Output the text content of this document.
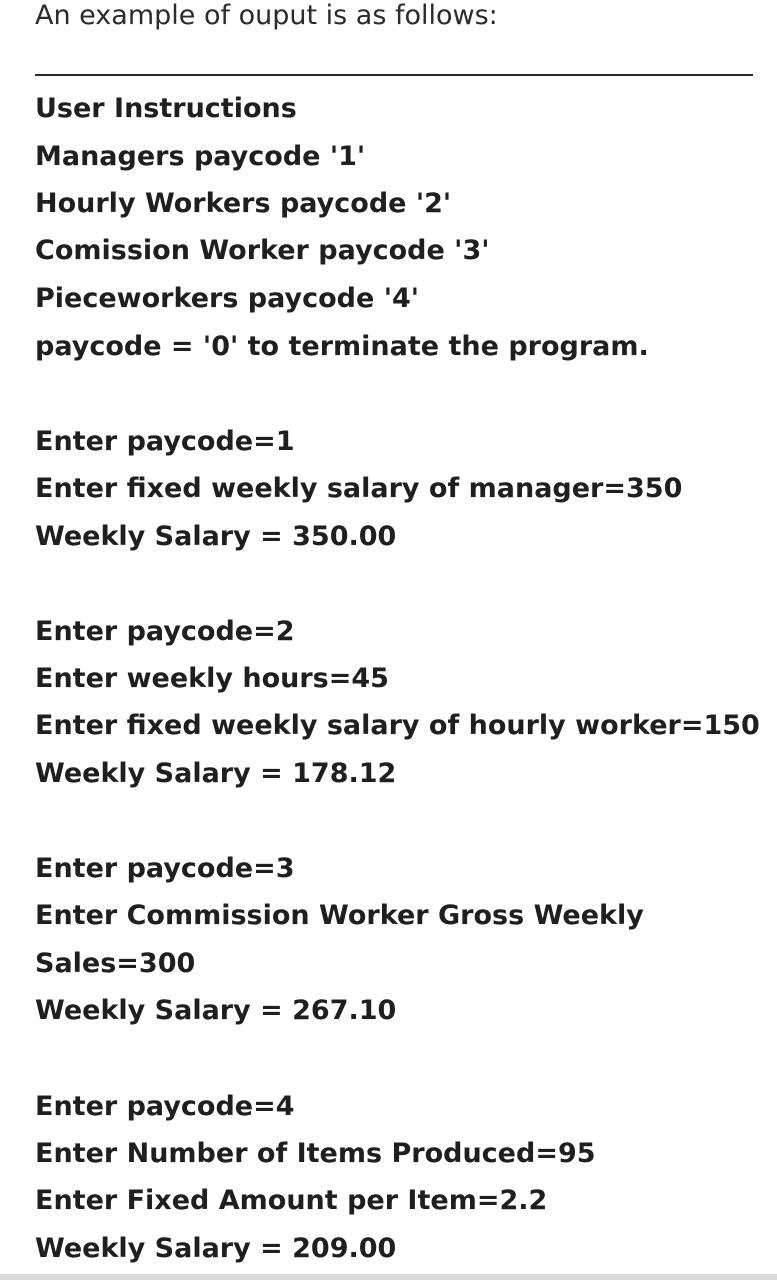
An example of ouput is as follows:
User Instructions
Managers paycode '1'
Hourly Workers paycode '2'
Comission Worker paycode '3'
Pieceworkers paycode '4'
paycode = '0' to terminate the program.
Enter paycode=1
Enter fixed weekly salary of manager=350
Weekly Salary = 350.00
Enter paycode=2
Enter weekly hours=45
Enter fixed weekly salary of hourly worker=150
Weekly Salary = 178.12
Enter paycode=3
Enter Commission Worker Gross Weekly
Sales=300
Weekly Salary = 267.10
Enter paycode=4
Enter Number of Items Produced=95
Enter Fixed Amount per Item=2.2
Weekly Salary = 209.00
